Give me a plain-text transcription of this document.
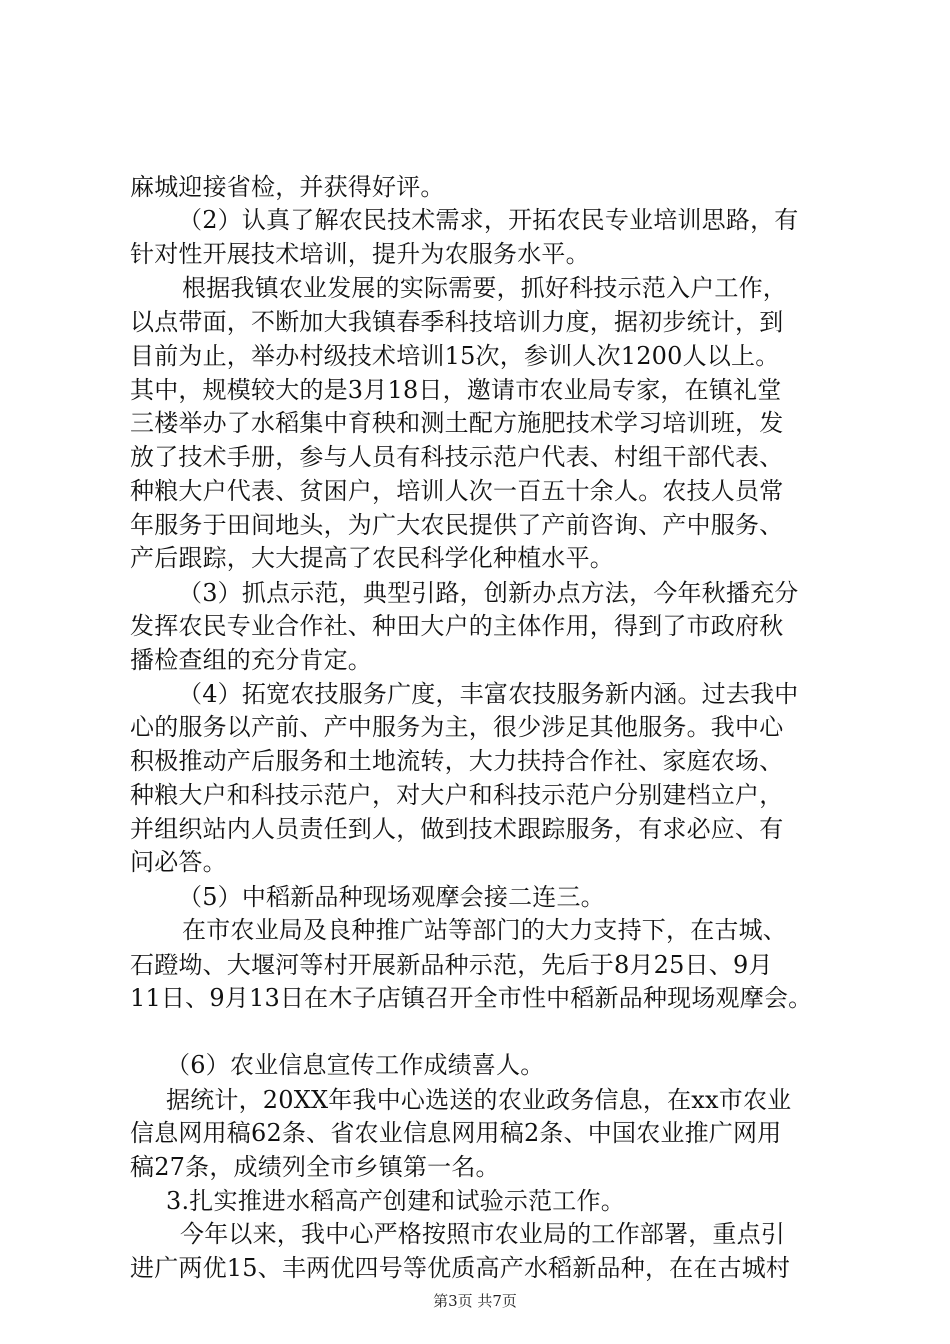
麻城迎接省检，并获得好评。
（2）认真了解农民技术需求，开拓农民专业培训思路，有
针对性开展技术培训，提升为农服务水平。
根据我镇农业发展的实际需要，抓好科技示范入户工作，
以点带面，不断加大我镇春季科技培训力度，据初步统计，到
目前为止，举办村级技术培训15次，参训人次1200人以上。
其中，规模较大的是3月18日，邀请市农业局专家，在镇礼堂
三楼举办了水稻集中育秧和测土配方施肥技术学习培训班，发
放了技术手册，参与人员有科技示范户代表、村组干部代表、
种粮大户代表、贫困户，培训人次一百五十余人。农技人员常
年服务于田间地头，为广大农民提供了产前咨询、产中服务、
产后跟踪，大大提高了农民科学化种植水平。
（3）抓点示范，典型引路，创新办点方法，今年秋播充分
发挥农民专业合作社、种田大户的主体作用，得到了市政府秋
播检查组的充分肯定。
（4）拓宽农技服务广度，丰富农技服务新内涵。过去我中
心的服务以产前、产中服务为主，很少涉足其他服务。我中心
积极推动产后服务和土地流转，大力扶持合作社、家庭农场、
种粮大户和科技示范户，对大户和科技示范户分别建档立户，
并组织站内人员责任到人，做到技术跟踪服务，有求必应、有
问必答。
（5）中稻新品种现场观摩会接二连三。
在市农业局及良种推广站等部门的大力支持下，在古城、
石蹬坳、大堰河等村开展新品种示范，先后于8月25日、9月
11日、9月13日在木子店镇召开全市性中稻新品种现场观摩会。
（6）农业信息宣传工作成绩喜人。
据统计，20XX年我中心选送的农业政务信息，在xx市农业
信息网用稿62条、省农业信息网用稿2条、中国农业推广网用
稿27条，成绩列全市乡镇第一名。
3.扎实推进水稻高产创建和试验示范工作。
今年以来，我中心严格按照市农业局的工作部署，重点引
进广两优15、丰两优四号等优质高产水稻新品种，在在古城村
第3页 共7页
